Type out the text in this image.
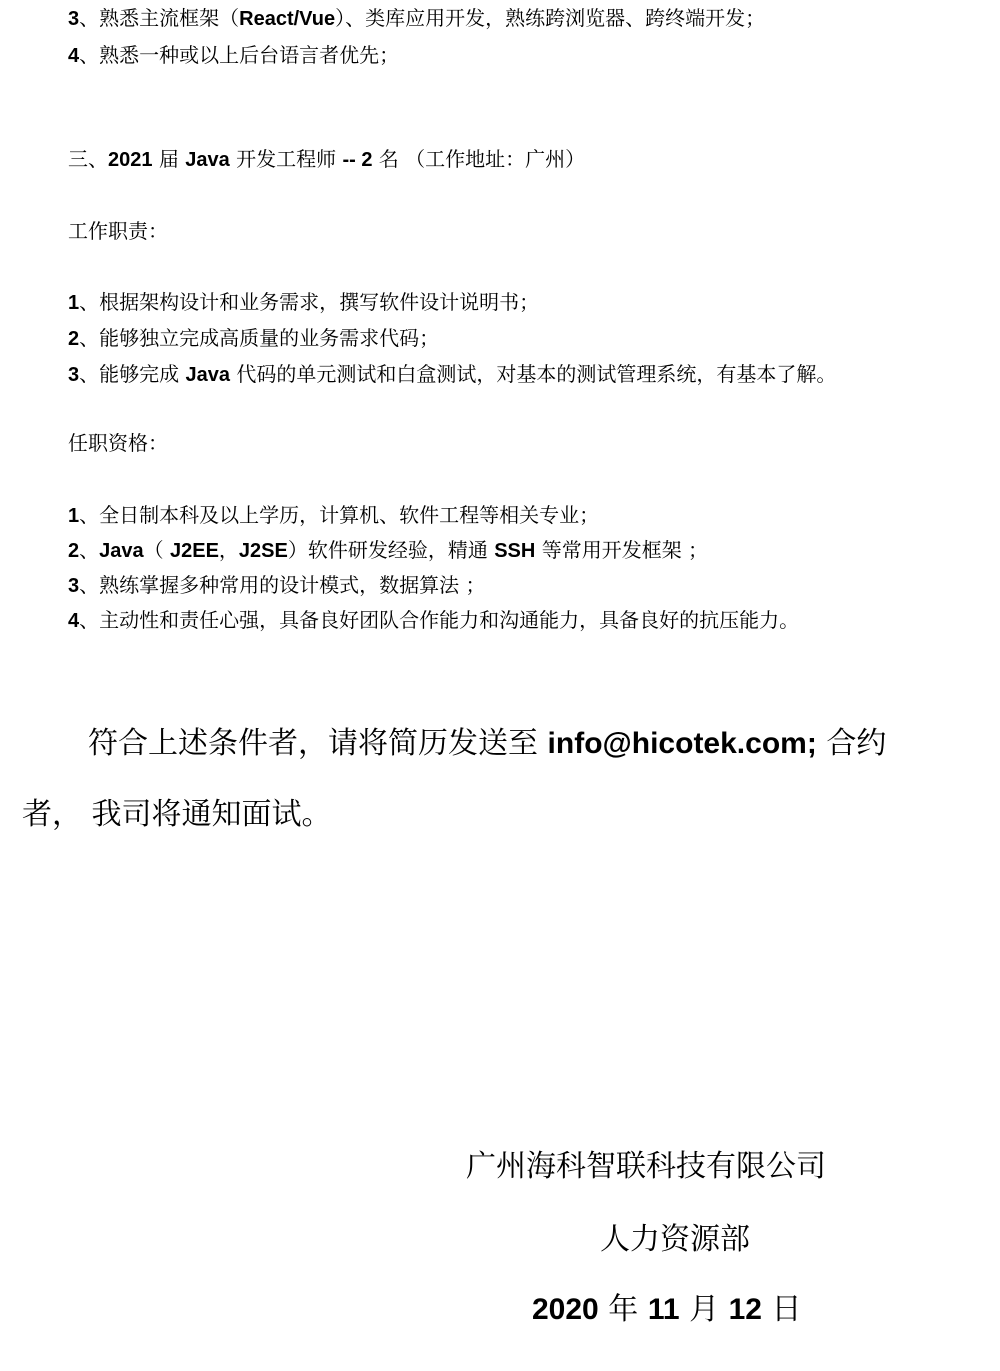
3、熟悉主流框架（React/Vue）、类库应用开发，熟练跨浏览器、跨终端开发；
4、熟悉一种或以上后台语言者优先；
三、2021 届 Java 开发工程师 -- 2 名 （工作地址：广州）
工作职责：
1、根据架构设计和业务需求，撰写软件设计说明书；
2、能够独立完成高质量的业务需求代码；
3、能够完成 Java 代码的单元测试和白盒测试，对基本的测试管理系统，有基本了解。
任职资格：
1、全日制本科及以上学历，计算机、软件工程等相关专业；
2、Java（ J2EE，J2SE）软件研发经验，精通 SSH 等常用开发框架 ；
3、熟练掌握多种常用的设计模式，数据算法 ；
4、主动性和责任心强，具备良好团队合作能力和沟通能力，具备良好的抗压能力。
符合上述条件者，请将简历发送至 info@hicotek.com; 合约
者， 我司将通知面试。
广州海科智联科技有限公司
人力资源部
2020 年 11 月 12 日
